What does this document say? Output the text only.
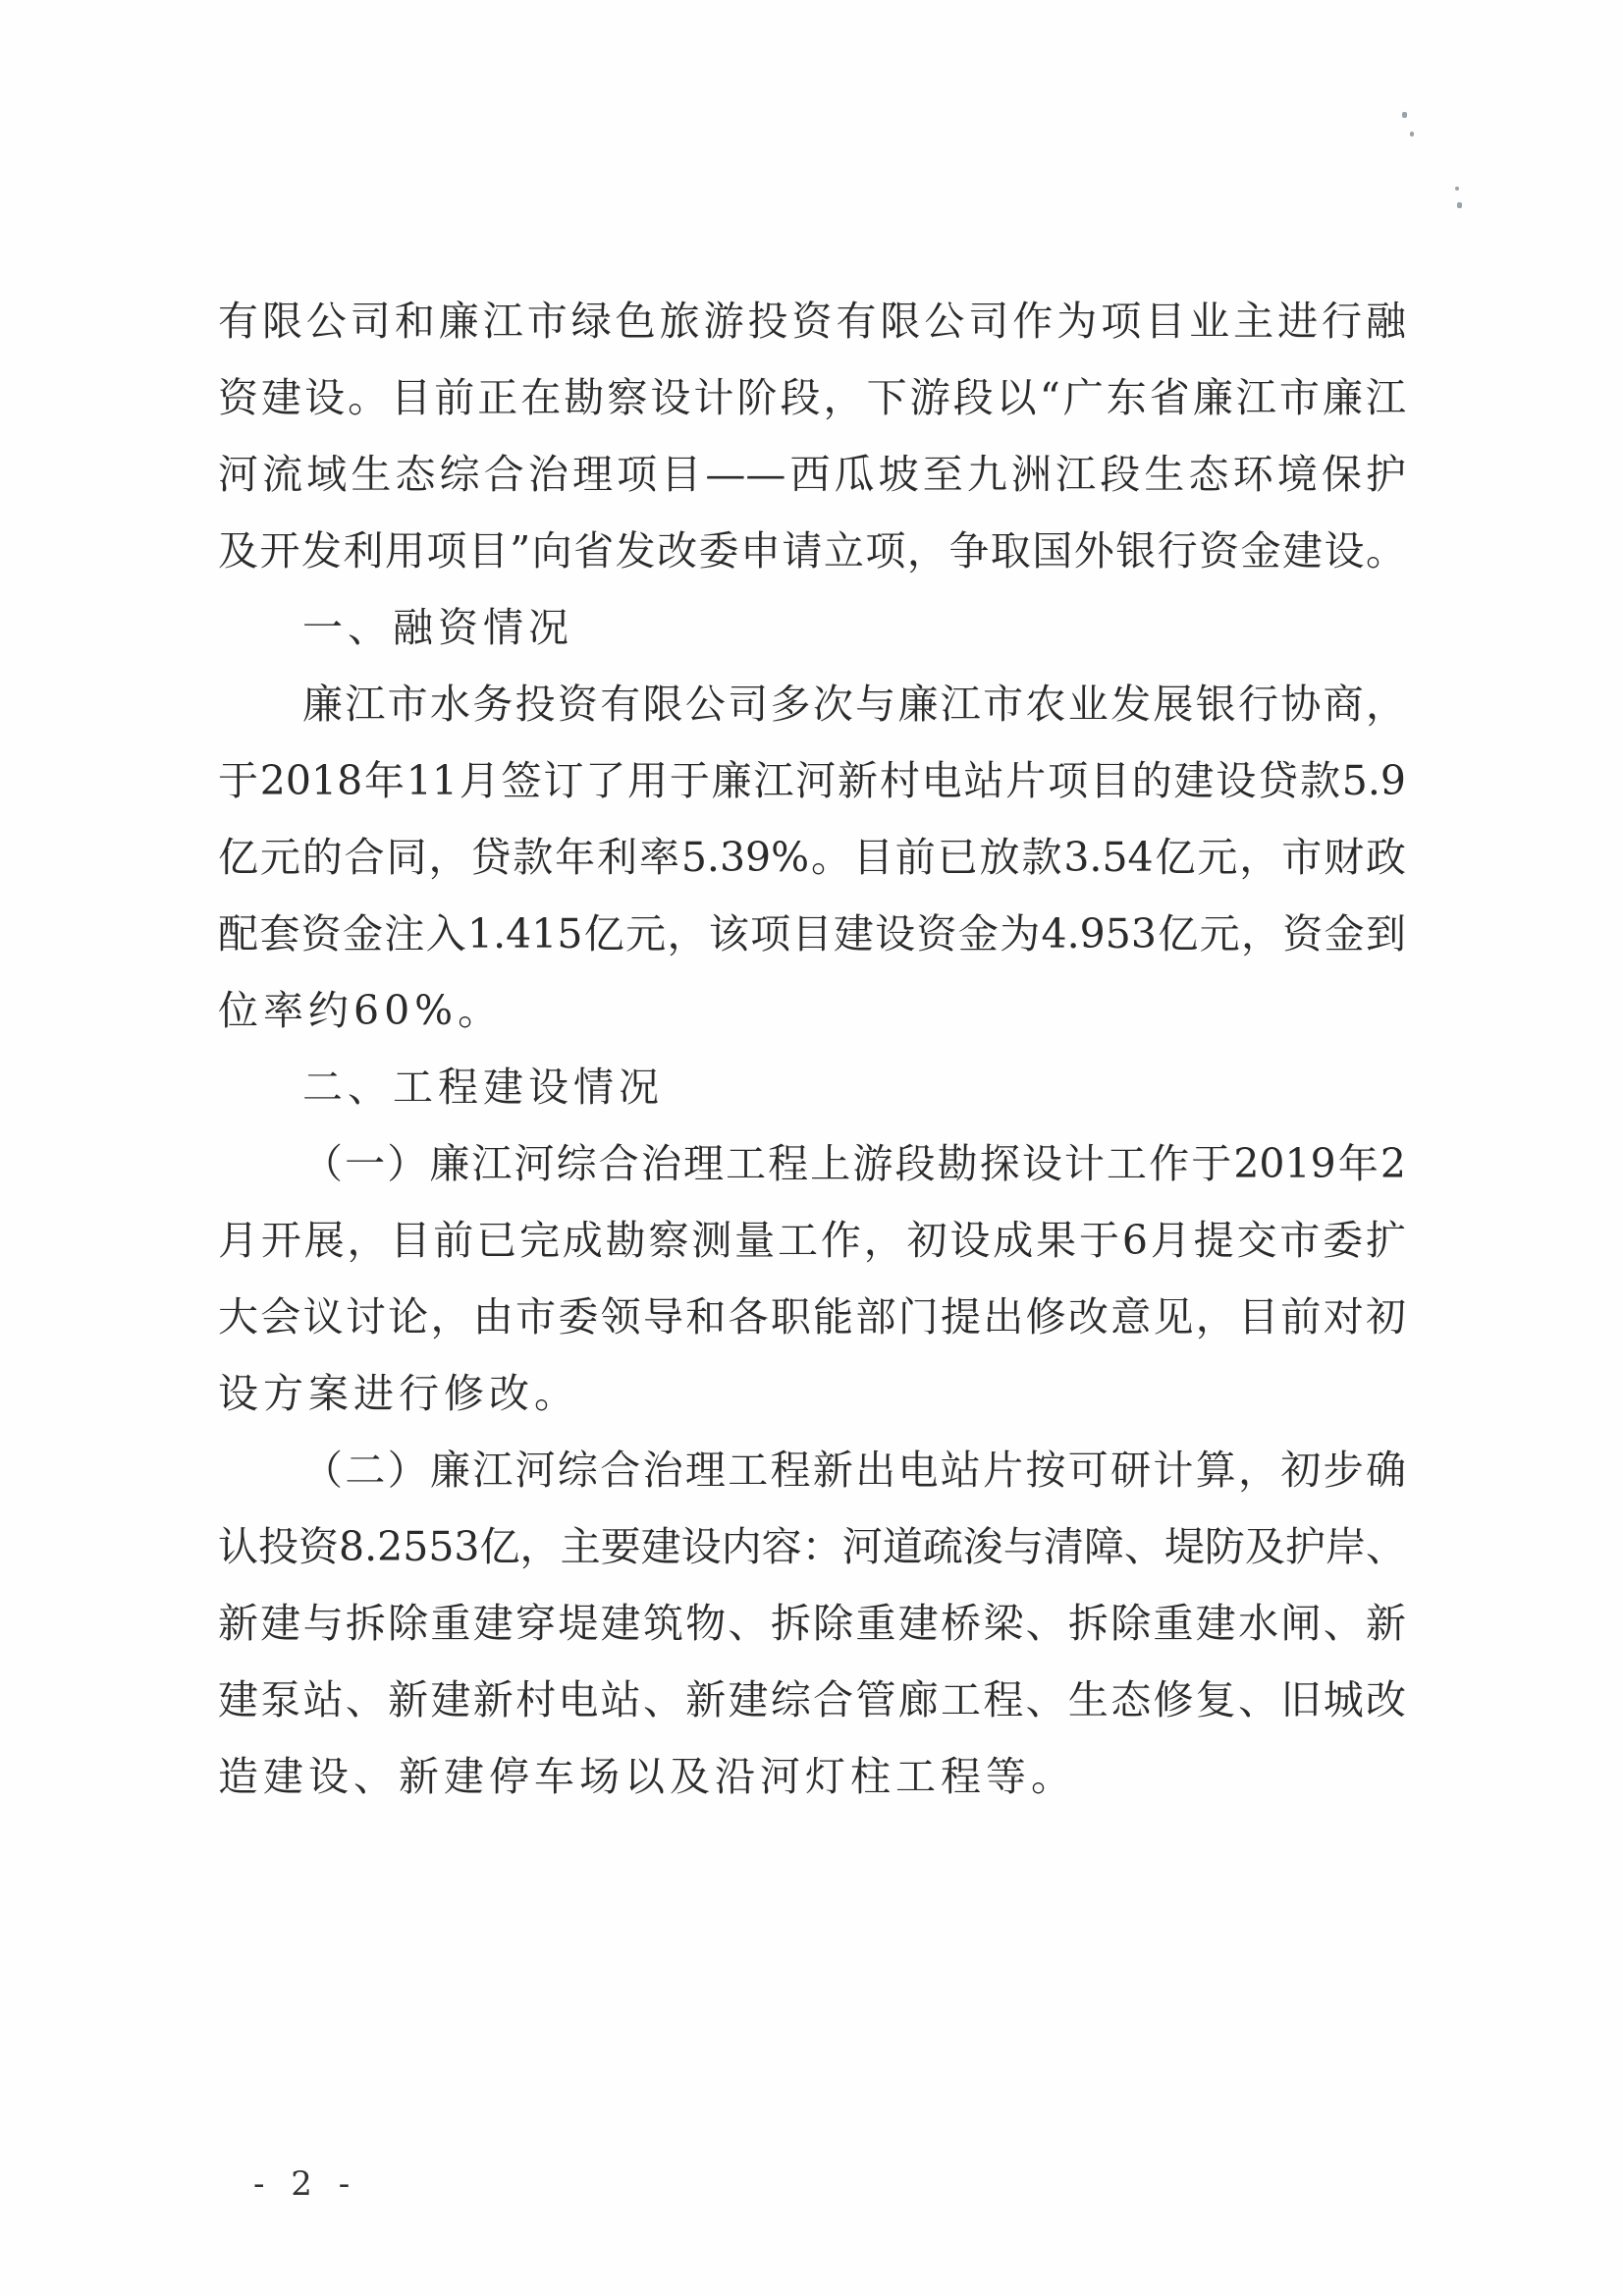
有限公司和廉江市绿色旅游投资有限公司作为项目业主进行融
资建设。目前正在勘察设计阶段，下游段以“广东省廉江市廉江
河流域生态综合治理项目——西瓜坡至九洲江段生态环境保护
及开发利用项目”向省发改委申请立项，争取国外银行资金建设。
一、融资情况
廉江市水务投资有限公司多次与廉江市农业发展银行协商，
于2018年11月签订了用于廉江河新村电站片项目的建设贷款5.9
亿元的合同，贷款年利率5.39%。目前已放款3.54亿元，市财政
配套资金注入1.415亿元，该项目建设资金为4.953亿元，资金到
位率约60%。
二、工程建设情况
（一）廉江河综合治理工程上游段勘探设计工作于2019年2
月开展，目前已完成勘察测量工作，初设成果于6月提交市委扩
大会议讨论，由市委领导和各职能部门提出修改意见，目前对初
设方案进行修改。
（二）廉江河综合治理工程新出电站片按可研计算，初步确
认投资8.2553亿，主要建设内容：河道疏浚与清障、堤防及护岸、
新建与拆除重建穿堤建筑物、拆除重建桥梁、拆除重建水闸、新
建泵站、新建新村电站、新建综合管廊工程、生态修复、旧城改
造建设、新建停车场以及沿河灯柱工程等。
- 2 -
